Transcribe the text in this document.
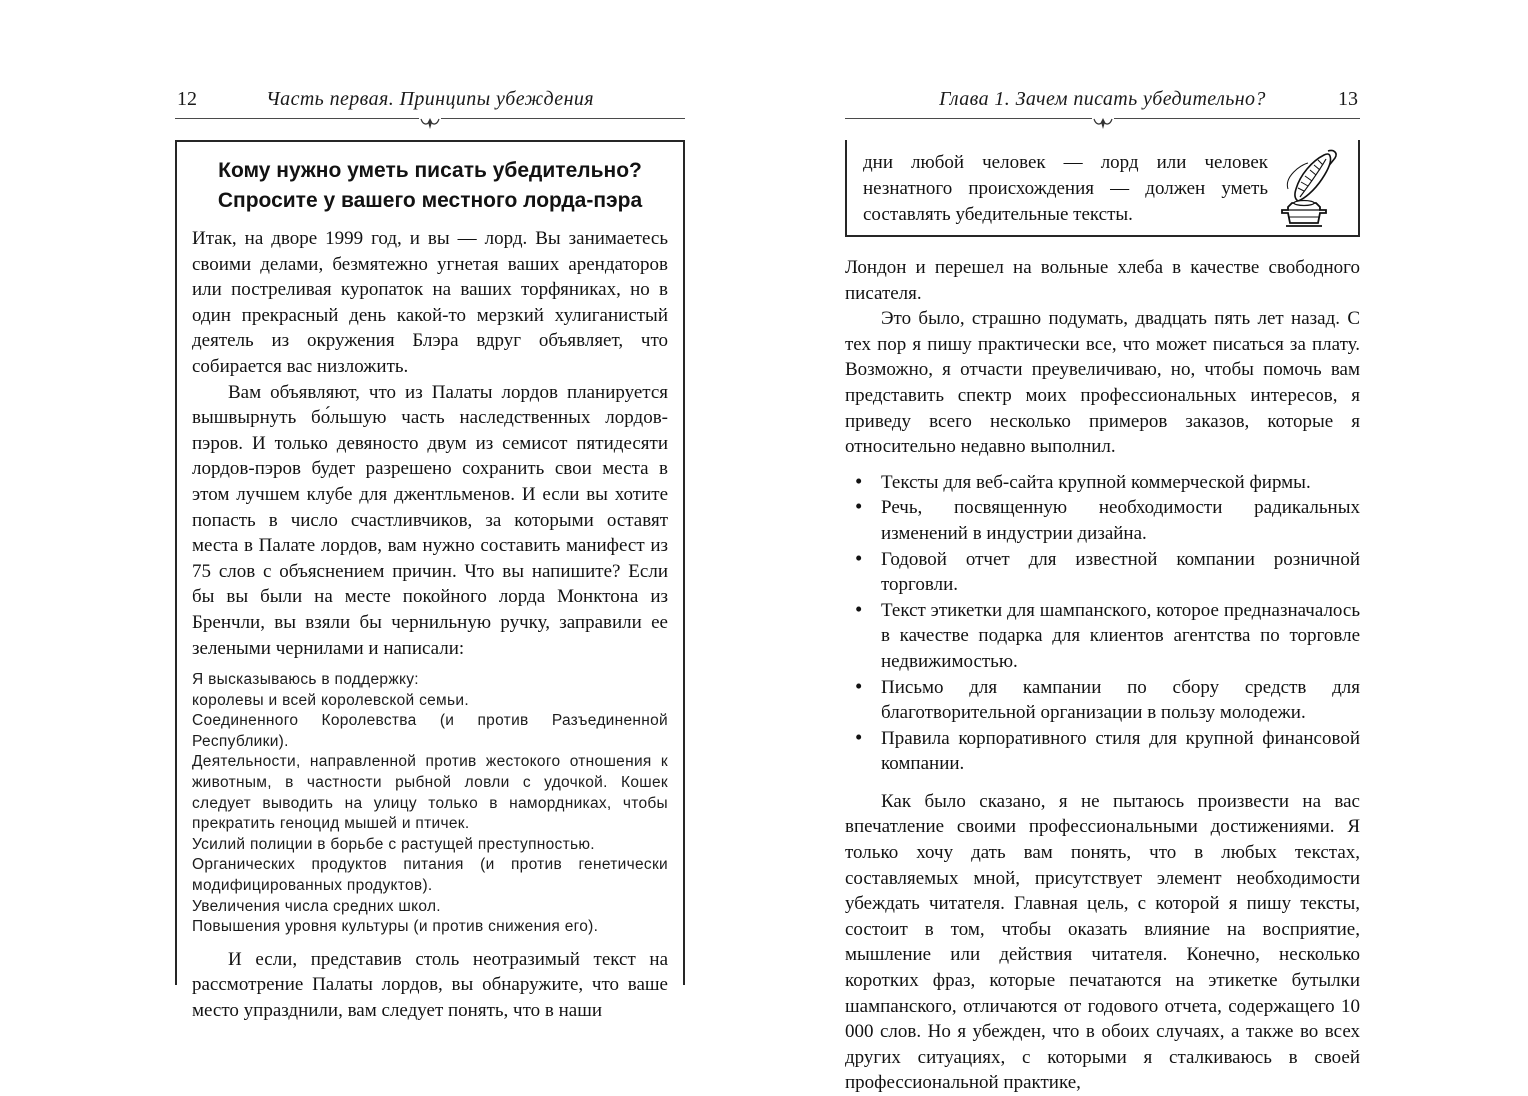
12	Часть первая. Принципы убеждения
Кому нужно уметь писать убедительно?
Спросите у вашего местного лорда-пэра

Итак, на дворе 1999 год, и вы — лорд. Вы занимаетесь своими делами, безмятежно угнетая ваших арендаторов или постреливая куропаток на ваших торфяниках, но в один прекрасный день какой-то мерзкий хулиганистый деятель из окружения Блэра вдруг объявляет, что собирается вас низложить.

Вам объявляют, что из Палаты лордов планируется вышвырнуть бо́льшую часть наследственных лордов-пэров. И только девяносто двум из семисот пятидесяти лордов-пэров будет разрешено сохранить свои места в этом лучшем клубе для джентльменов. И если вы хотите попасть в число счастливчиков, за которыми оставят места в Палате лордов, вам нужно составить манифест из 75 слов с объяснением причин. Что вы напишите? Если бы вы были на месте покойного лорда Монктона из Бренчли, вы взяли бы чернильную ручку, заправили ее зелеными чернилами и написали:

Я высказываюсь в поддержку:
королевы и всей королевской семьи.
Соединенного Королевства (и против Разъединенной Республики).
Деятельности, направленной против жестокого отношения к животным, в частности рыбной ловли с удочкой. Кошек следует выводить на улицу только в намордниках, чтобы прекратить геноцид мышей и птичек.
Усилий полиции в борьбе с растущей преступностью.
Органических продуктов питания (и против генетически модифицированных продуктов).
Увеличения числа средних школ.
Повышения уровня культуры (и против снижения его).

И если, представив столь неотразимый текст на рассмотрение Палаты лордов, вы обнаружите, что ваше место упразднили, вам следует понять, что в наши

Глава 1. Зачем писать убедительно?	13

дни любой человек — лорд или человек незнатного происхождения — должен уметь составлять убедительные тексты.

Лондон и перешел на вольные хлеба в качестве свободного писателя.

Это было, страшно подумать, двадцать пять лет назад. С тех пор я пишу практически все, что может писаться за плату. Возможно, я отчасти преувеличиваю, но, чтобы помочь вам представить спектр моих профессиональных интересов, я приведу всего несколько примеров заказов, которые я относительно недавно выполнил.

• Тексты для веб-сайта крупной коммерческой фирмы.
• Речь, посвященную необходимости радикальных изменений в индустрии дизайна.
• Годовой отчет для известной компании розничной торговли.
• Текст этикетки для шампанского, которое предназначалось в качестве подарка для клиентов агентства по торговле недвижимостью.
• Письмо для кампании по сбору средств для благотворительной организации в пользу молодежи.
• Правила корпоративного стиля для крупной финансовой компании.

Как было сказано, я не пытаюсь произвести на вас впечатление своими профессиональными достижениями. Я только хочу дать вам понять, что в любых текстах, составляемых мной, присутствует элемент необходимости убеждать читателя. Главная цель, с которой я пишу тексты, состоит в том, чтобы оказать влияние на восприятие, мышление или действия читателя. Конечно, несколько коротких фраз, которые печатаются на этикетке бутылки шампанского, отличаются от годового отчета, содержащего 10 000 слов. Но я убежден, что в обоих случаях, а также во всех других ситуациях, с которыми я сталкиваюсь в своей профессиональной практике,
